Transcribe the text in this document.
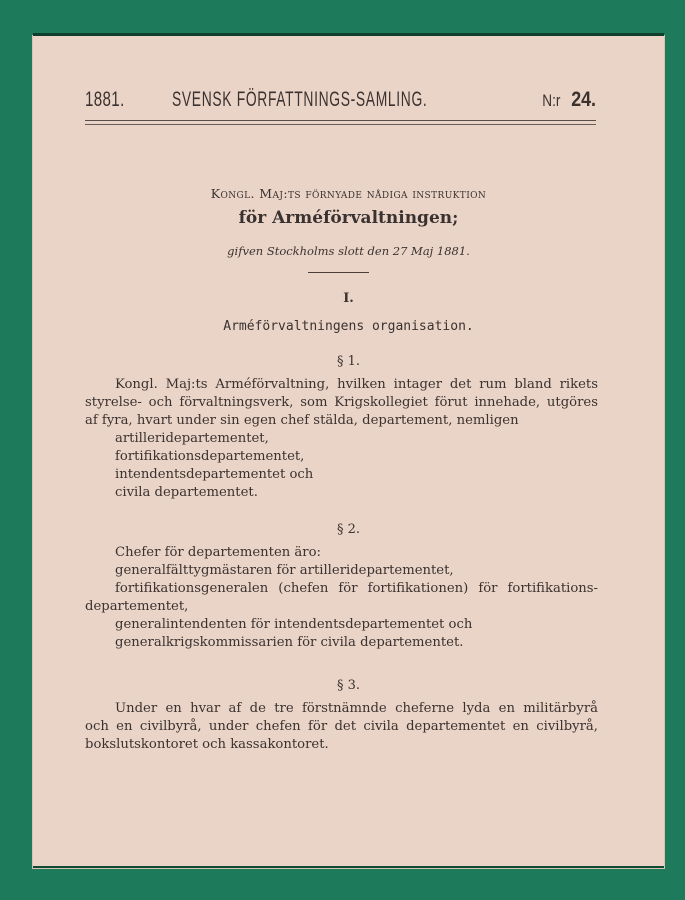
1881. SVENSK FÖRFATTNINGS-SAMLING.	N:r 24.
Kongl. Maj:ts förnyade nådiga instruktion
för Arméförvaltningen;
gifven Stockholms slott den 27 Maj 1881.
I.
Arméförvaltningens organisation.
§ 1.
Kongl. Maj:ts Arméförvaltning, hvilken intager det rum bland rikets
styrelse- och förvaltningsverk, som Krigskollegiet förut innehade, utgöres
af fyra, hvart under sin egen chef stälda, departement, nemligen
artilleridepartementet,
fortifikationsdepartementet,
intendentsdepartementet och
civila departementet.
§ 2.
Chefer för departementen äro:
generalfälttygmästaren för artilleridepartementet,
fortifikationsgeneralen (chefen för fortifikationen) för fortifikations-
departementet,
generalintendenten för intendentsdepartementet och
generalkrigskommissarien för civila departementet.
§ 3.
Under en hvar af de tre förstnämnde cheferne lyda en militärbyrå
och en civilbyrå, under chefen för det civila departementet en civilbyrå,
bokslutskontoret och kassakontoret.
